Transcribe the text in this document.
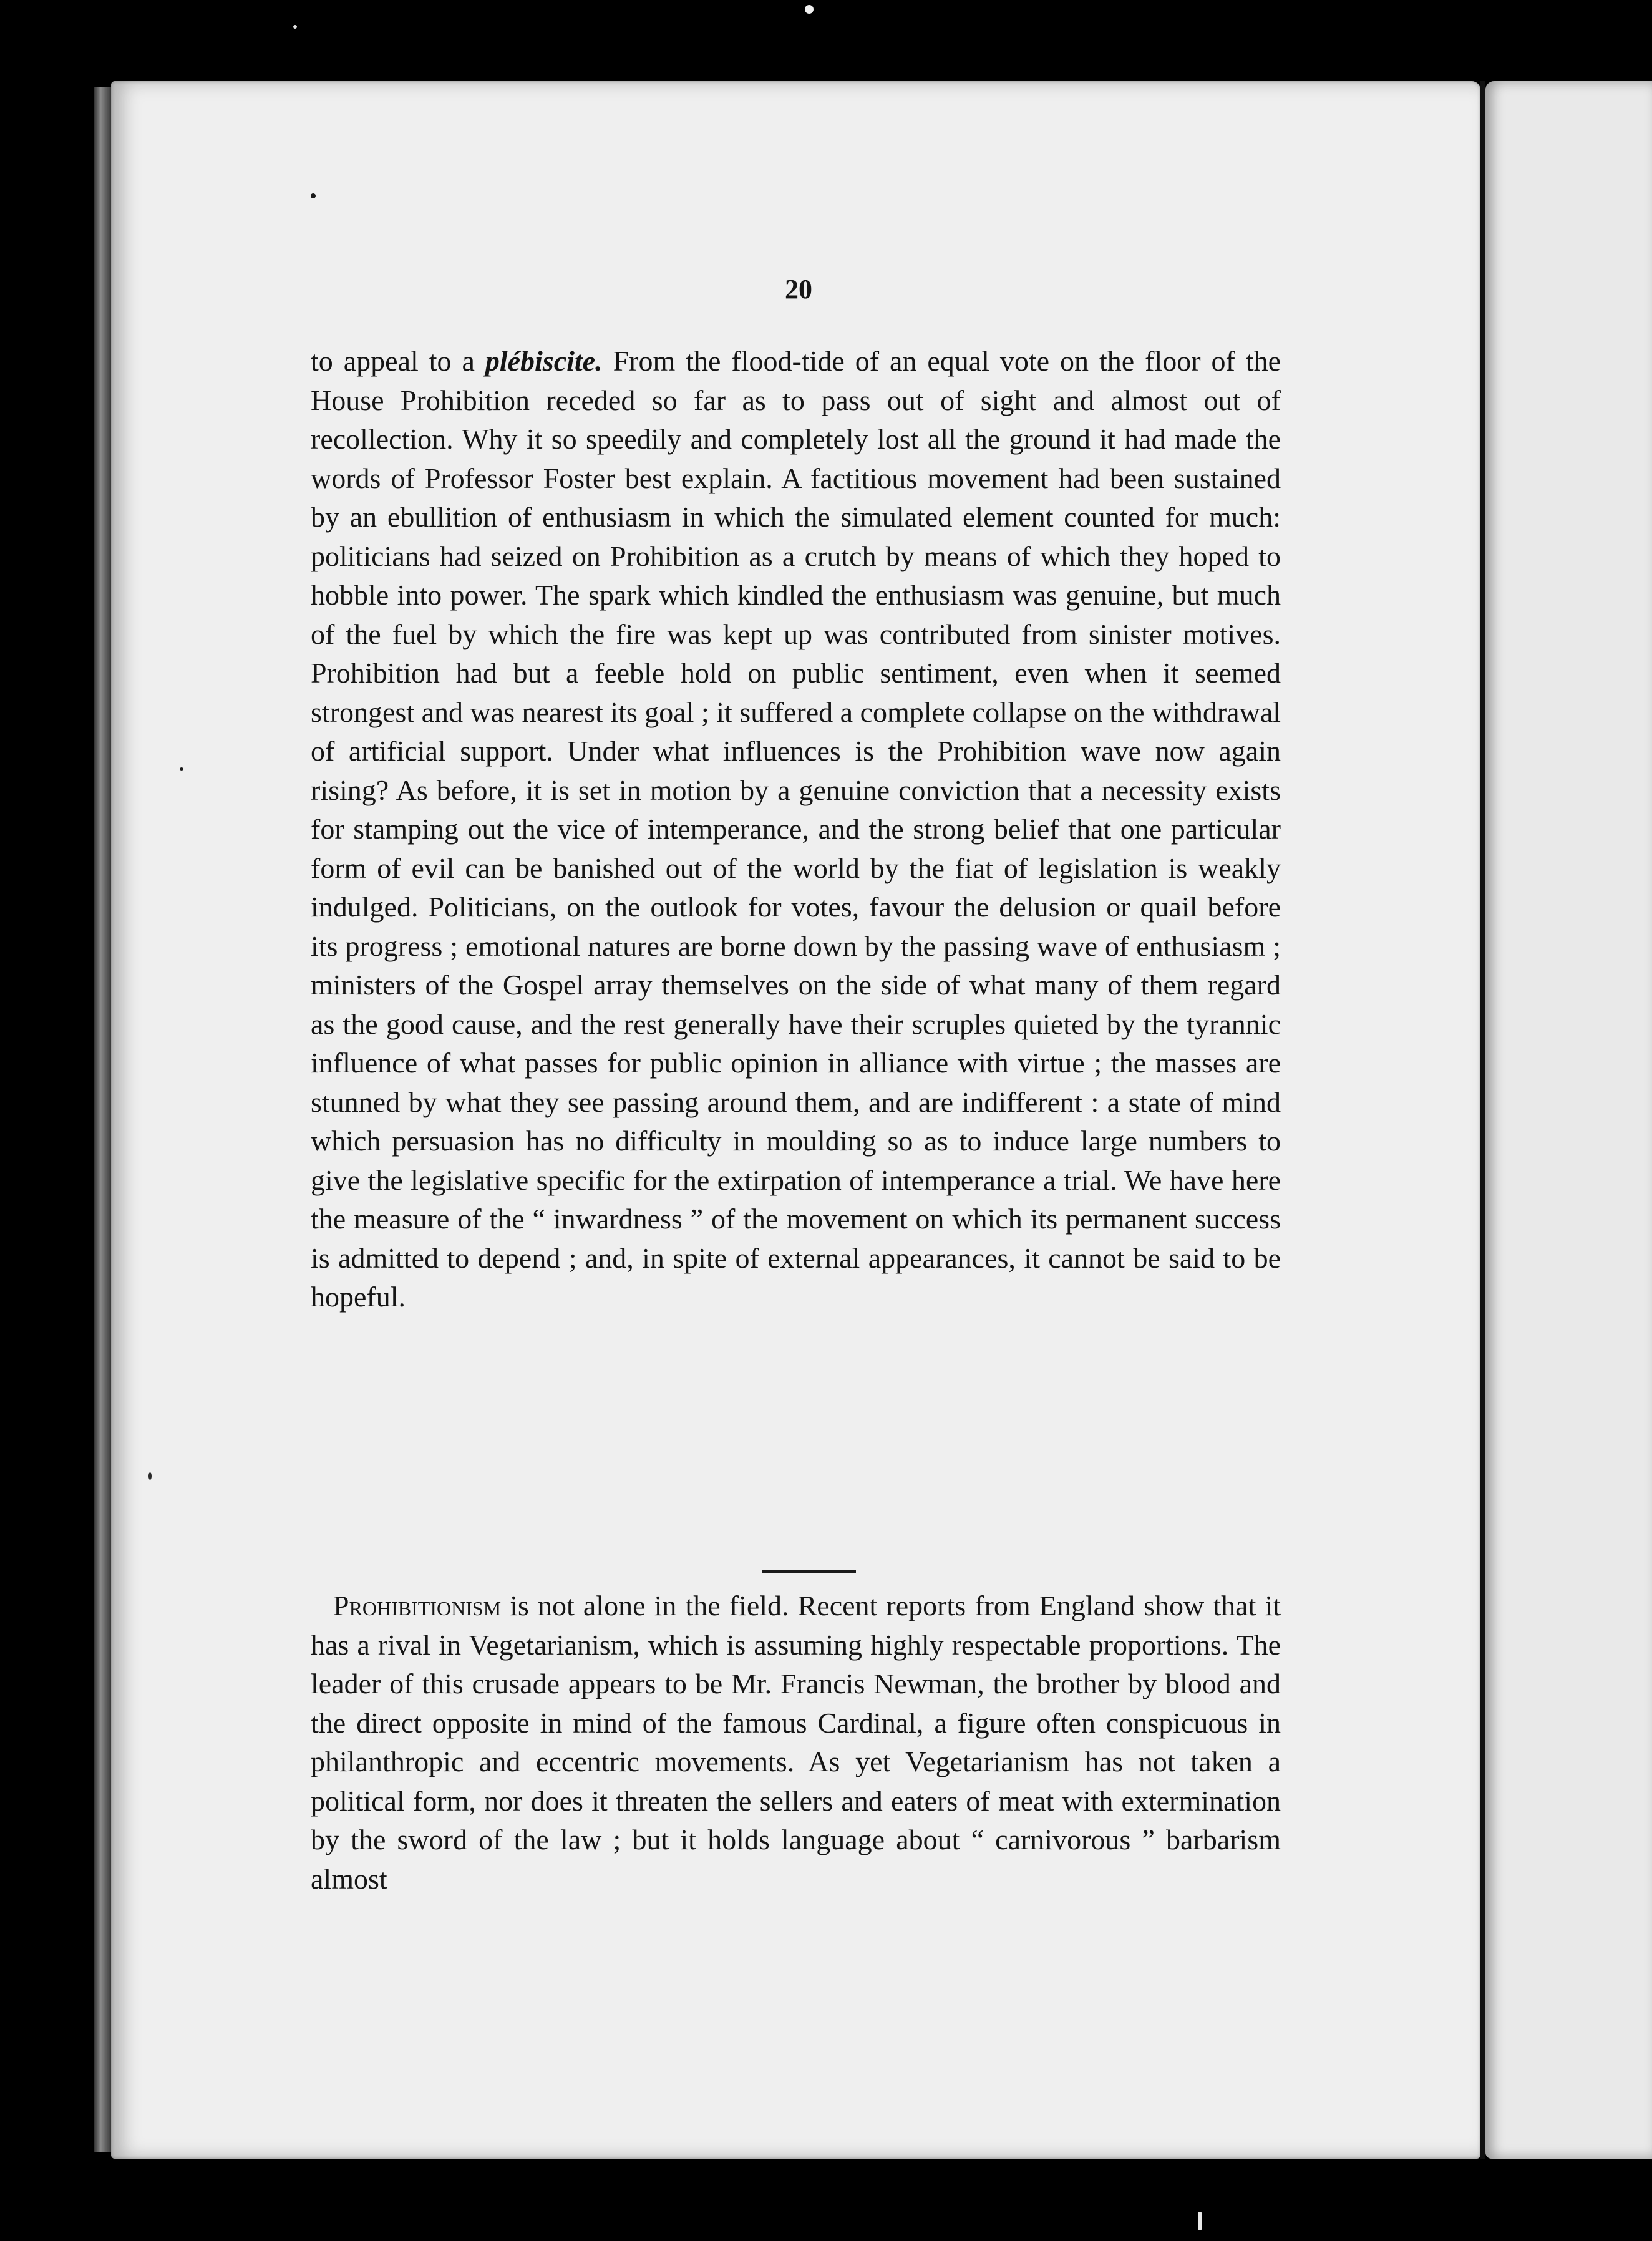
20

to appeal to a plébiscite. From the flood-tide of an equal vote on the floor of the House Prohibition receded so far as to pass out of sight and almost out of recollection. Why it so speedily and completely lost all the ground it had made the words of Professor Foster best explain. A factitious movement had been sustained by an ebullition of enthusiasm in which the simulated element counted for much: politicians had seized on Prohibition as a crutch by means of which they hoped to hobble into power. The spark which kindled the enthusiasm was genuine, but much of the fuel by which the fire was kept up was contributed from sinister motives. Prohibition had but a feeble hold on public sentiment, even when it seemed strongest and was nearest its goal ; it suffered a complete collapse on the withdrawal of artificial support. Under what influences is the Prohibition wave now again rising? As before, it is set in motion by a genuine conviction that a necessity exists for stamping out the vice of intemperance, and the strong belief that one particular form of evil can be banished out of the world by the fiat of legislation is weakly indulged. Politicians, on the outlook for votes, favour the delusion or quail before its progress ; emotional natures are borne down by the passing wave of enthusiasm ; ministers of the Gospel array themselves on the side of what many of them regard as the good cause, and the rest generally have their scruples quieted by the tyrannic influence of what passes for public opinion in alliance with virtue ; the masses are stunned by what they see passing around them, and are indifferent : a state of mind which persuasion has no difficulty in moulding so as to induce large numbers to give the legislative specific for the extirpation of intemperance a trial. We have here the measure of the “ inwardness ” of the movement on which its permanent success is admitted to depend ; and, in spite of external appearances, it cannot be said to be hopeful.

Prohibitionism is not alone in the field. Recent reports from England show that it has a rival in Vegetarianism, which is assuming highly respectable proportions. The leader of this crusade appears to be Mr. Francis Newman, the brother by blood and the direct opposite in mind of the famous Cardinal, a figure often conspicuous in philanthropic and eccentric movements. As yet Vegetarianism has not taken a political form, nor does it threaten the sellers and eaters of meat with extermination by the sword of the law ; but it holds language about “ carnivorous ” barbarism almost
